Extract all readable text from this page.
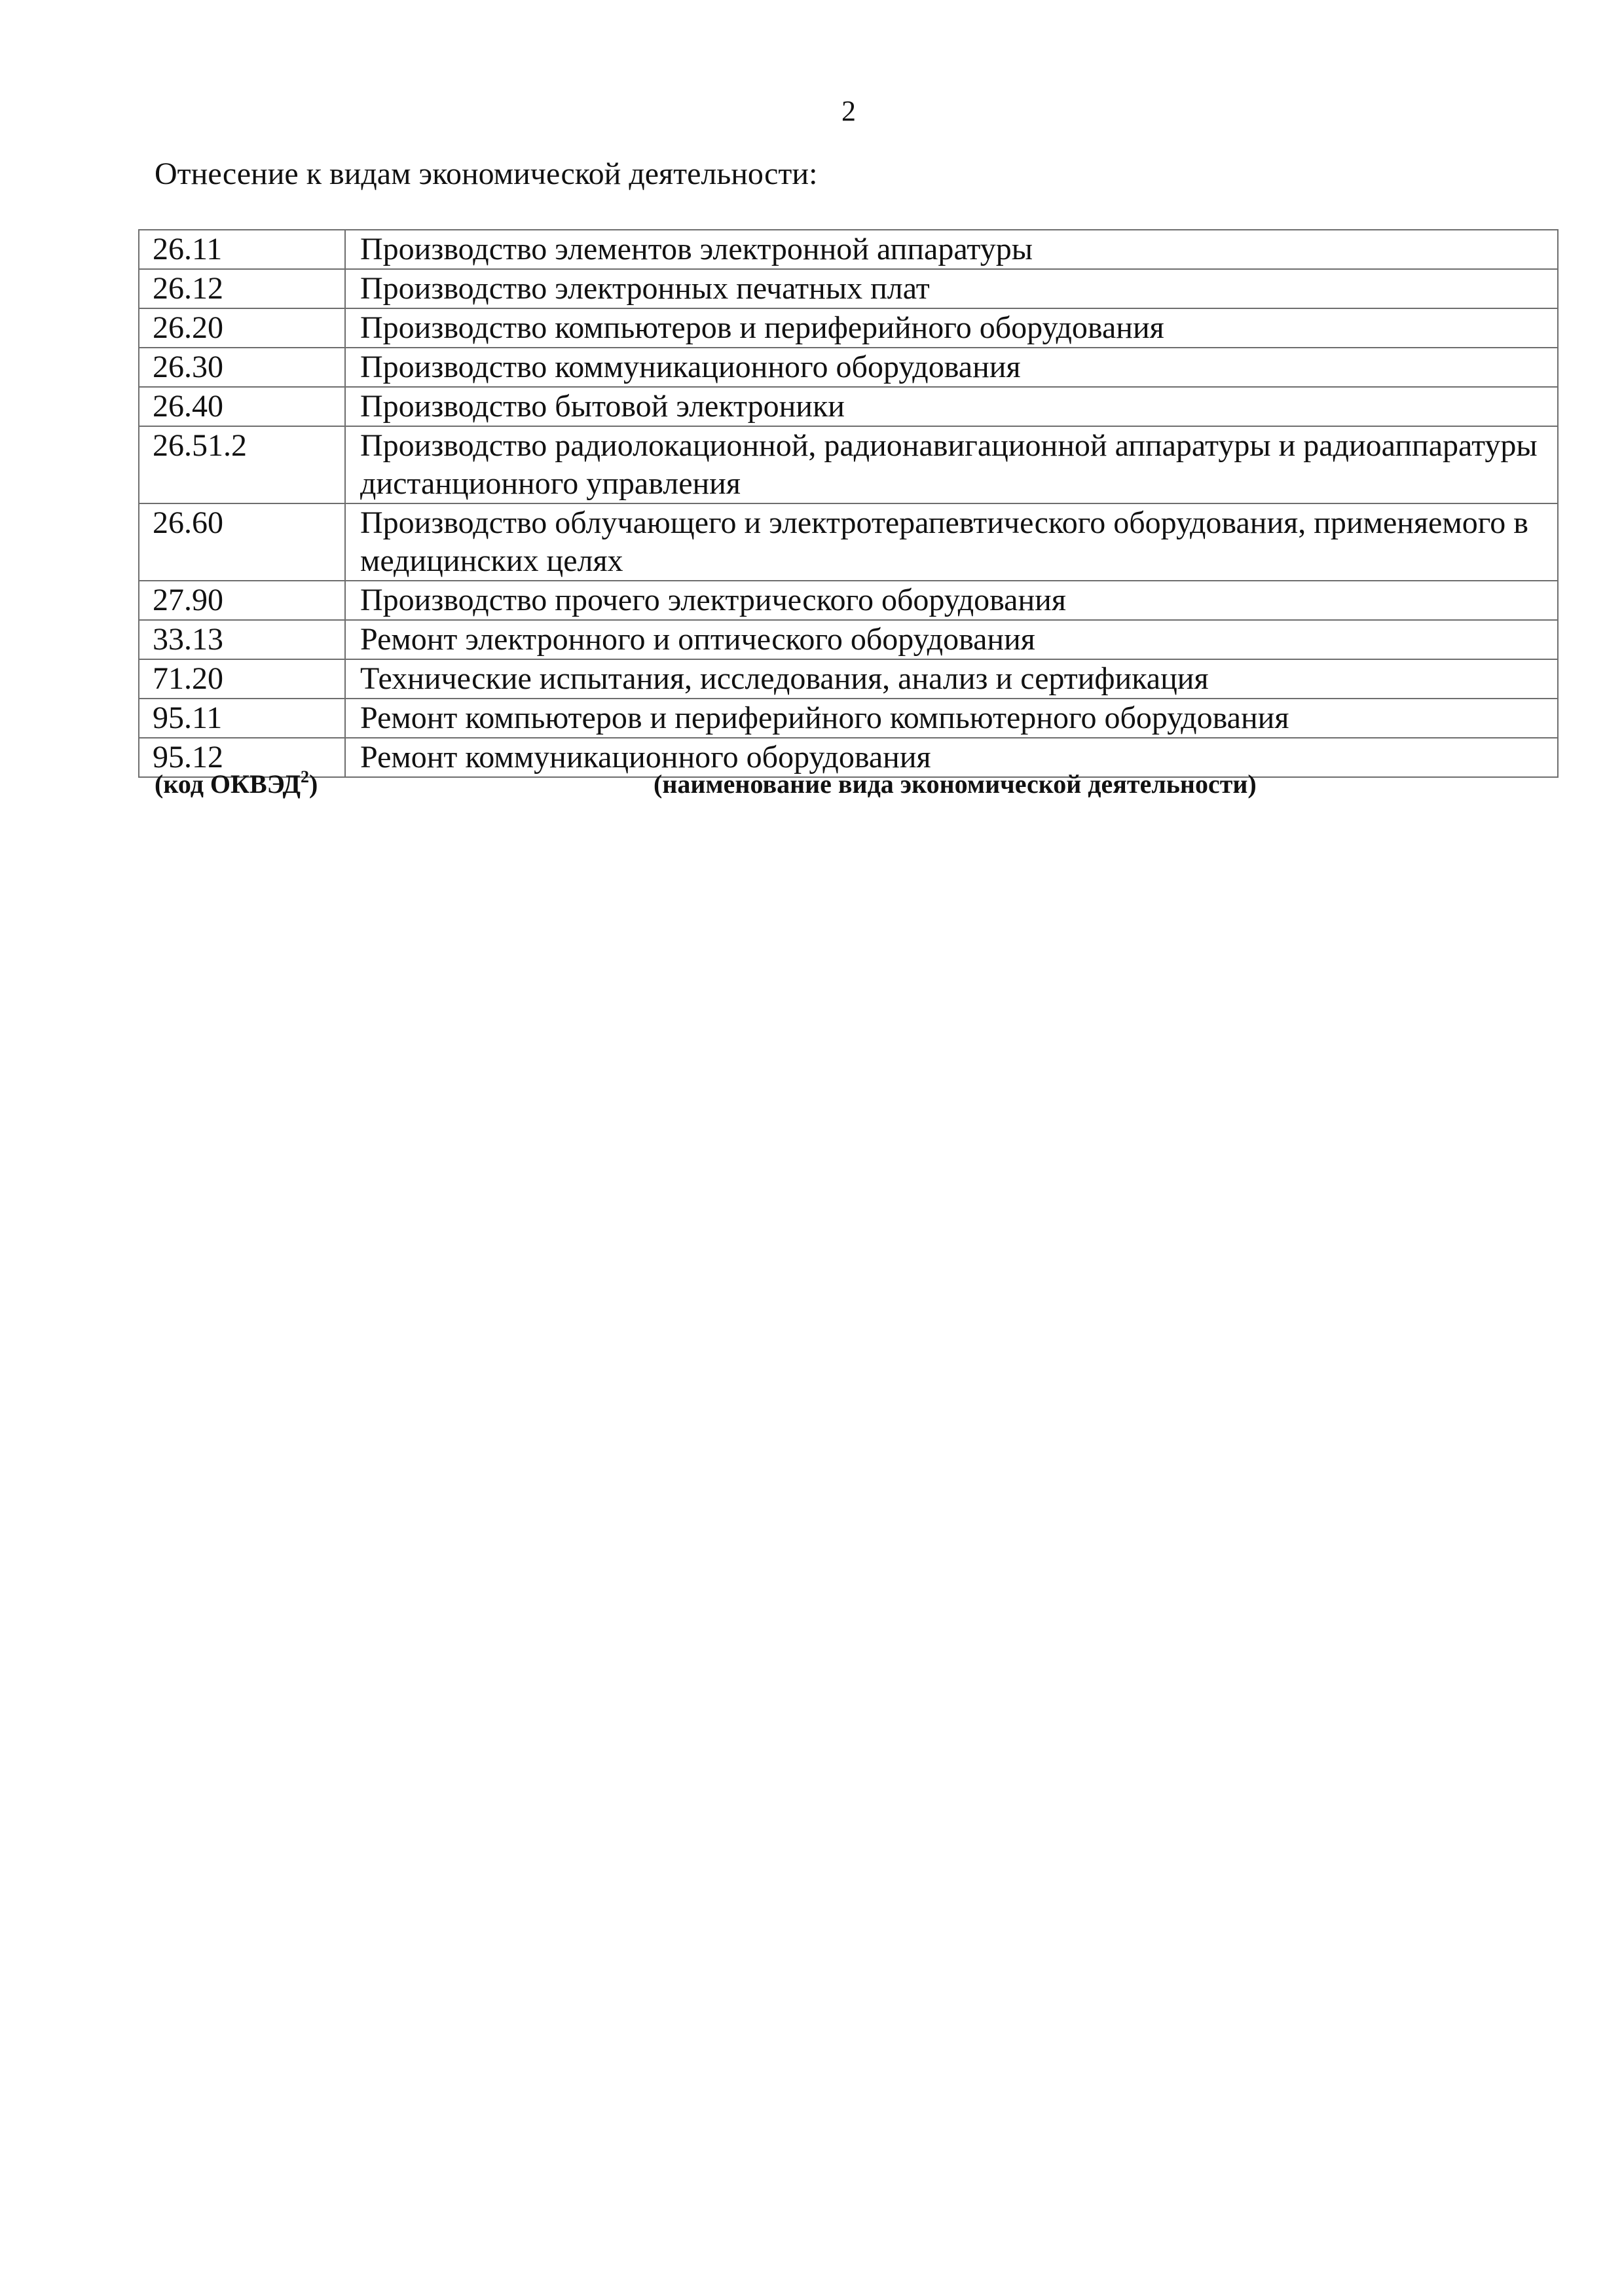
2
Отнесение к видам экономической деятельности:
26.11	Производство элементов электронной аппаратуры
26.12	Производство электронных печатных плат
26.20	Производство компьютеров и периферийного оборудования
26.30	Производство коммуникационного оборудования
26.40	Производство бытовой электроники
26.51.2	Производство радиолокационной, радионавигационной аппаратуры и радиоаппаратуры дистанционного управления
26.60	Производство облучающего и электротерапевтического оборудования, применяемого в медицинских целях
27.90	Производство прочего электрического оборудования
33.13	Ремонт электронного и оптического оборудования
71.20	Технические испытания, исследования, анализ и сертификация
95.11	Ремонт компьютеров и периферийного компьютерного оборудования
95.12	Ремонт коммуникационного оборудования
(код ОКВЭД$^2$)	(наименование вида экономической деятельности)
